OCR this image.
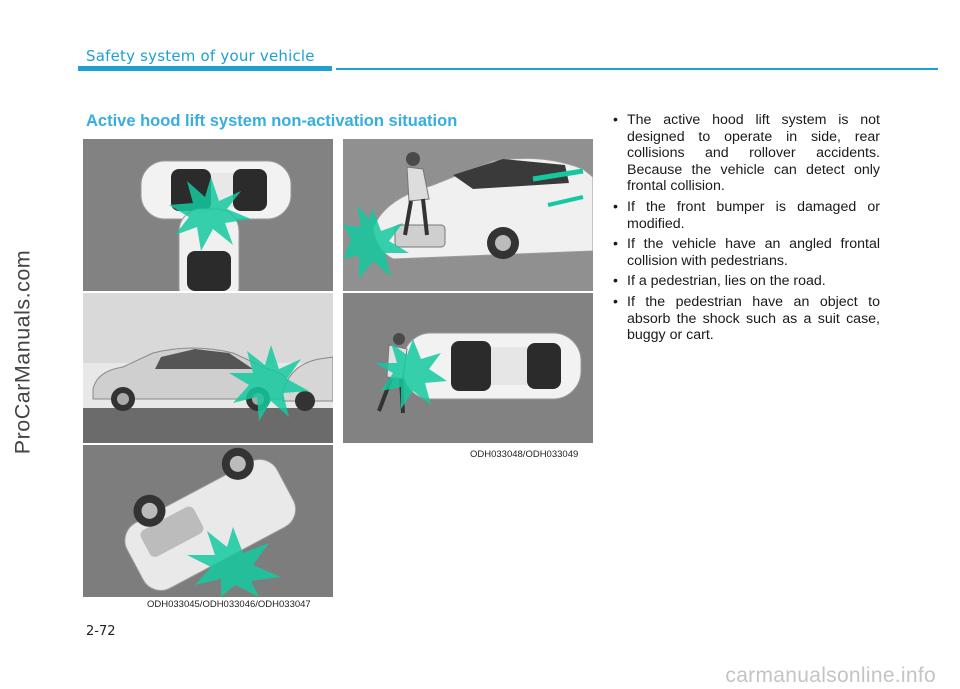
Safety system of your vehicle
Active hood lift system non-activation situation
ODH033045/ODH033046/ODH033047
ODH033048/ODH033049
• The active hood lift system is not designed to operate in side, rear collisions and rollover accidents. Because the vehicle can detect only frontal collision.
• If the front bumper is damaged or modified.
• If the vehicle have an angled frontal collision with pedestrians.
• If a pedestrian, lies on the road.
• If the pedestrian have an object to absorb the shock such as a suit case, buggy or cart.
2-72
ProCarManuals.com
carmanualsonline.info
